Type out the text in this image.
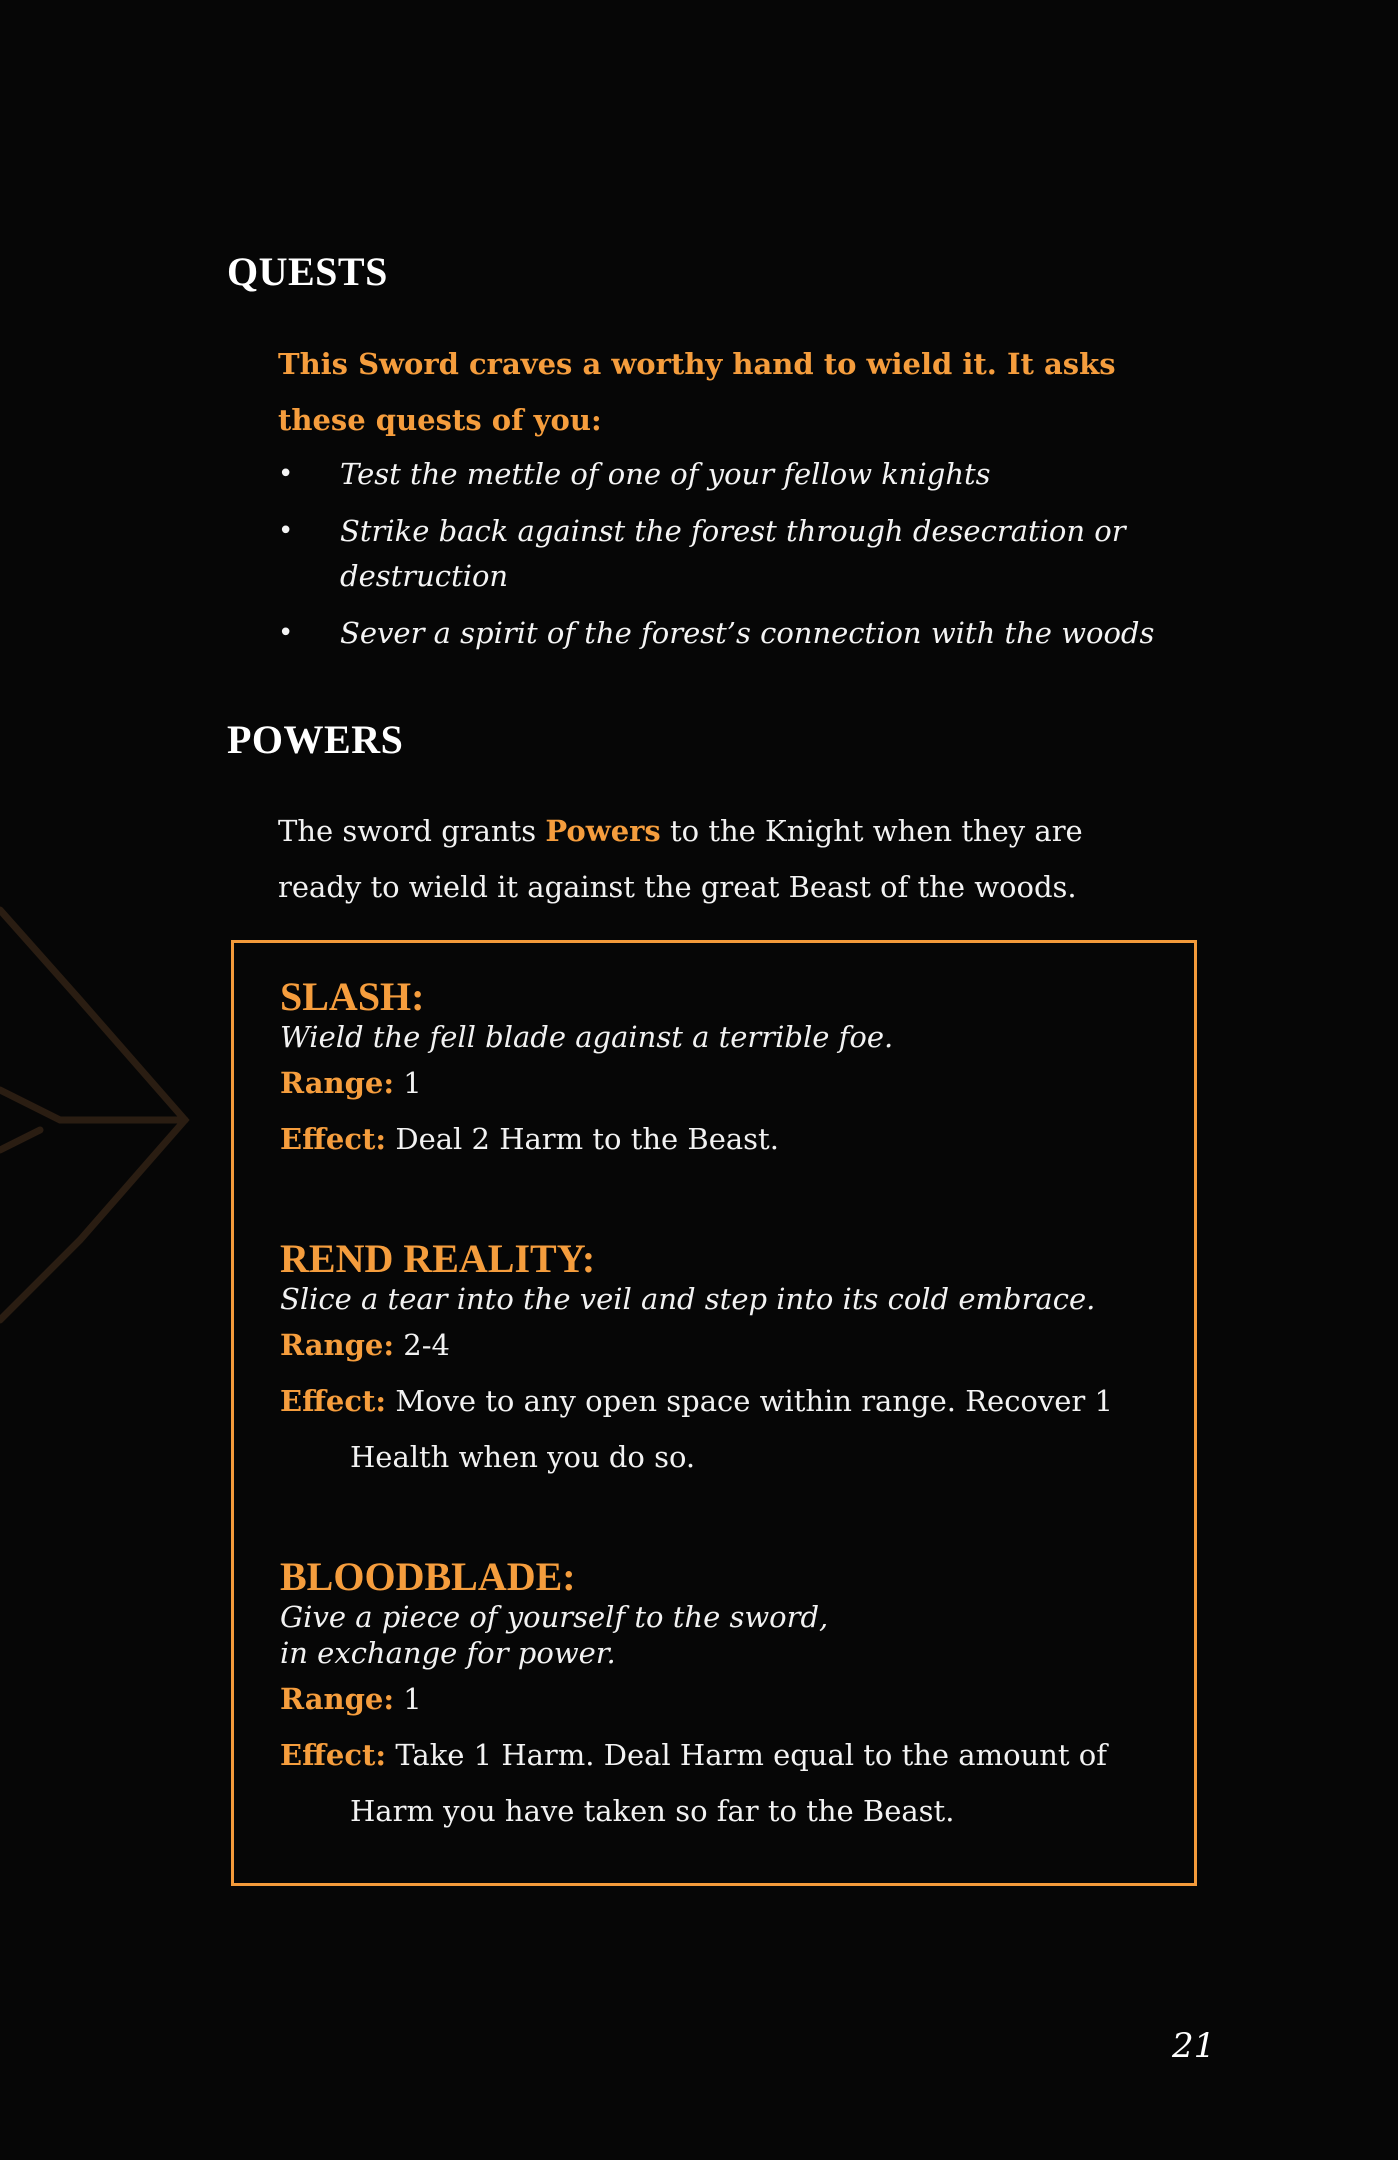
QUESTS

This Sword craves a worthy hand to wield it. It asks these quests of you:

• Test the mettle of one of your fellow knights
• Strike back against the forest through desecration or destruction
• Sever a spirit of the forest’s connection with the woods
POWERS

The sword grants Powers to the Knight when they are ready to wield it against the great Beast of the woods.

SLASH:

Wield the fell blade against a terrible foe.

Range: 1

Effect: Deal 2 Harm to the Beast.

REND REALITY:

Slice a tear into the veil and step into its cold embrace.

Range: 2-4

Effect: Move to any open space within range. Recover 1 Health when you do so.

BLOODBLADE:

Give a piece of yourself to the sword,
in exchange for power.

Range: 1

Effect: Take 1 Harm. Deal Harm equal to the amount of Harm you have taken so far to the Beast.

21
